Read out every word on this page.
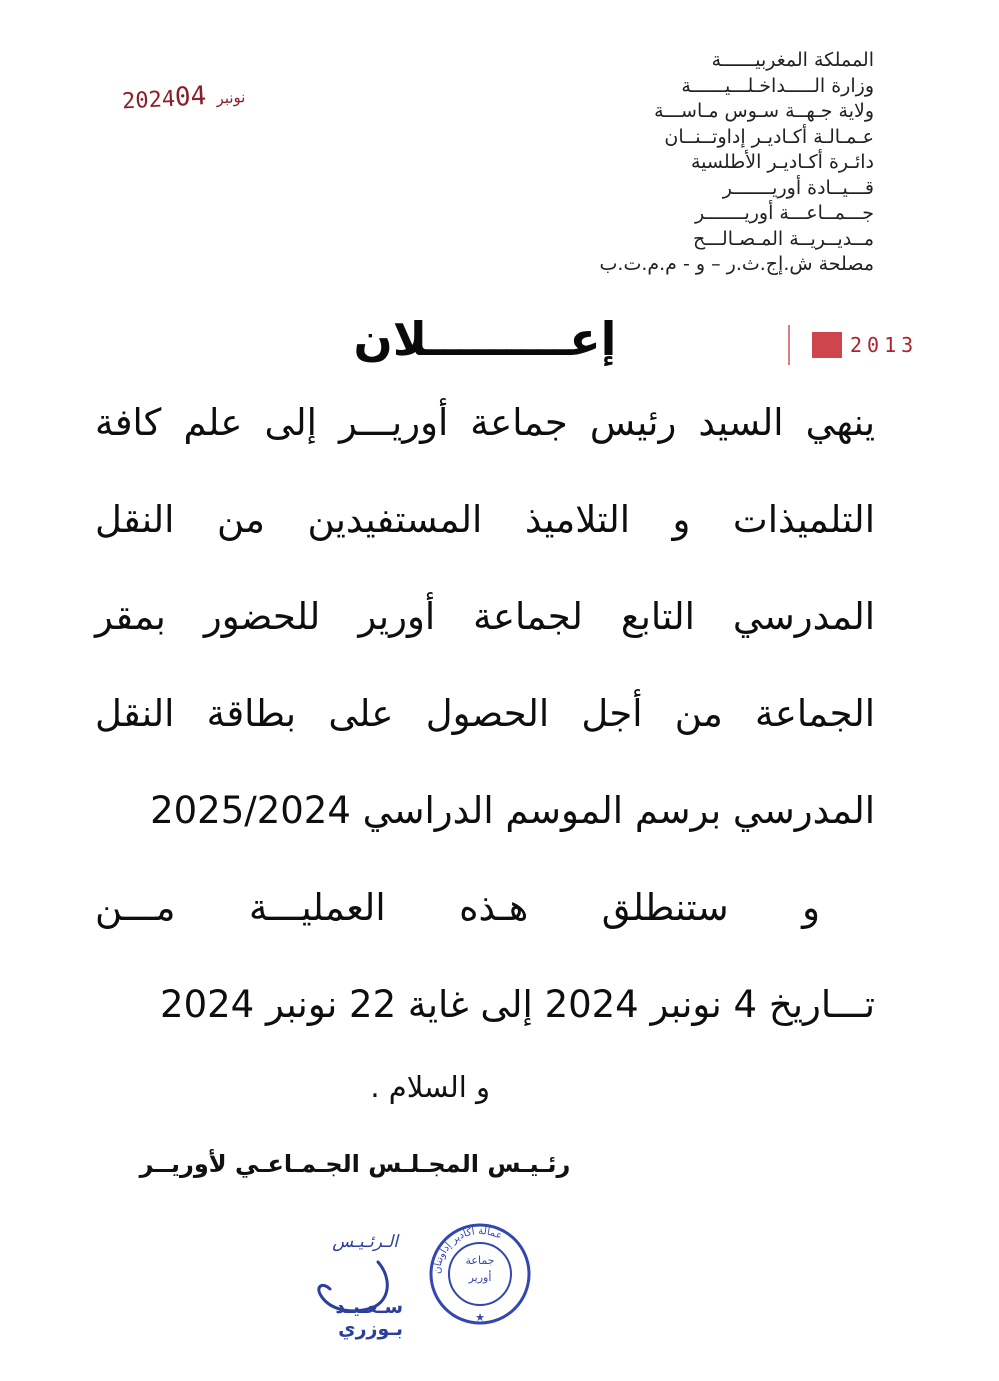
المملكة المغربيــــــة
وزارة الـــــداخـلـــيــــــة
ولاية جـهــة سـوس مـاســـة
عـمـالـة أكـاديـر إداوتــنــان
دائـرة أكـاديـر الأطلسية
قـــيــادة أوريـــــــر
جـــمــاعـــة أوريـــــــر
مــديــريــة المـصـالـــح
مصلحة ش.إج.ث.ر – و - م.م.ت.ب
2024	نونبر04
2013
إعـــــــــلان
ينهي السيد رئيس جماعة أوريـــر إلى علم كافة
التلميذات و التلاميذ المستفيدين من النقل
المدرسي التابع لجماعة أورير للحضور بمقر
الجماعة من أجل الحصول على بطاقة النقل
المدرسي برسم الموسم الدراسي 2025/2024
و ستنطلق هـذه العمليـــة مـــن
تـــاريخ 4 نونبر 2024 إلى غاية 22 نونبر 2024
و السلام .
رئـيـس المجـلـس الجـمـاعـي لأوريــر
الـرئـيـس
سـعـيـد بـوزري
عمالة أكادير إداوتنان
★
جماعة
أورير
